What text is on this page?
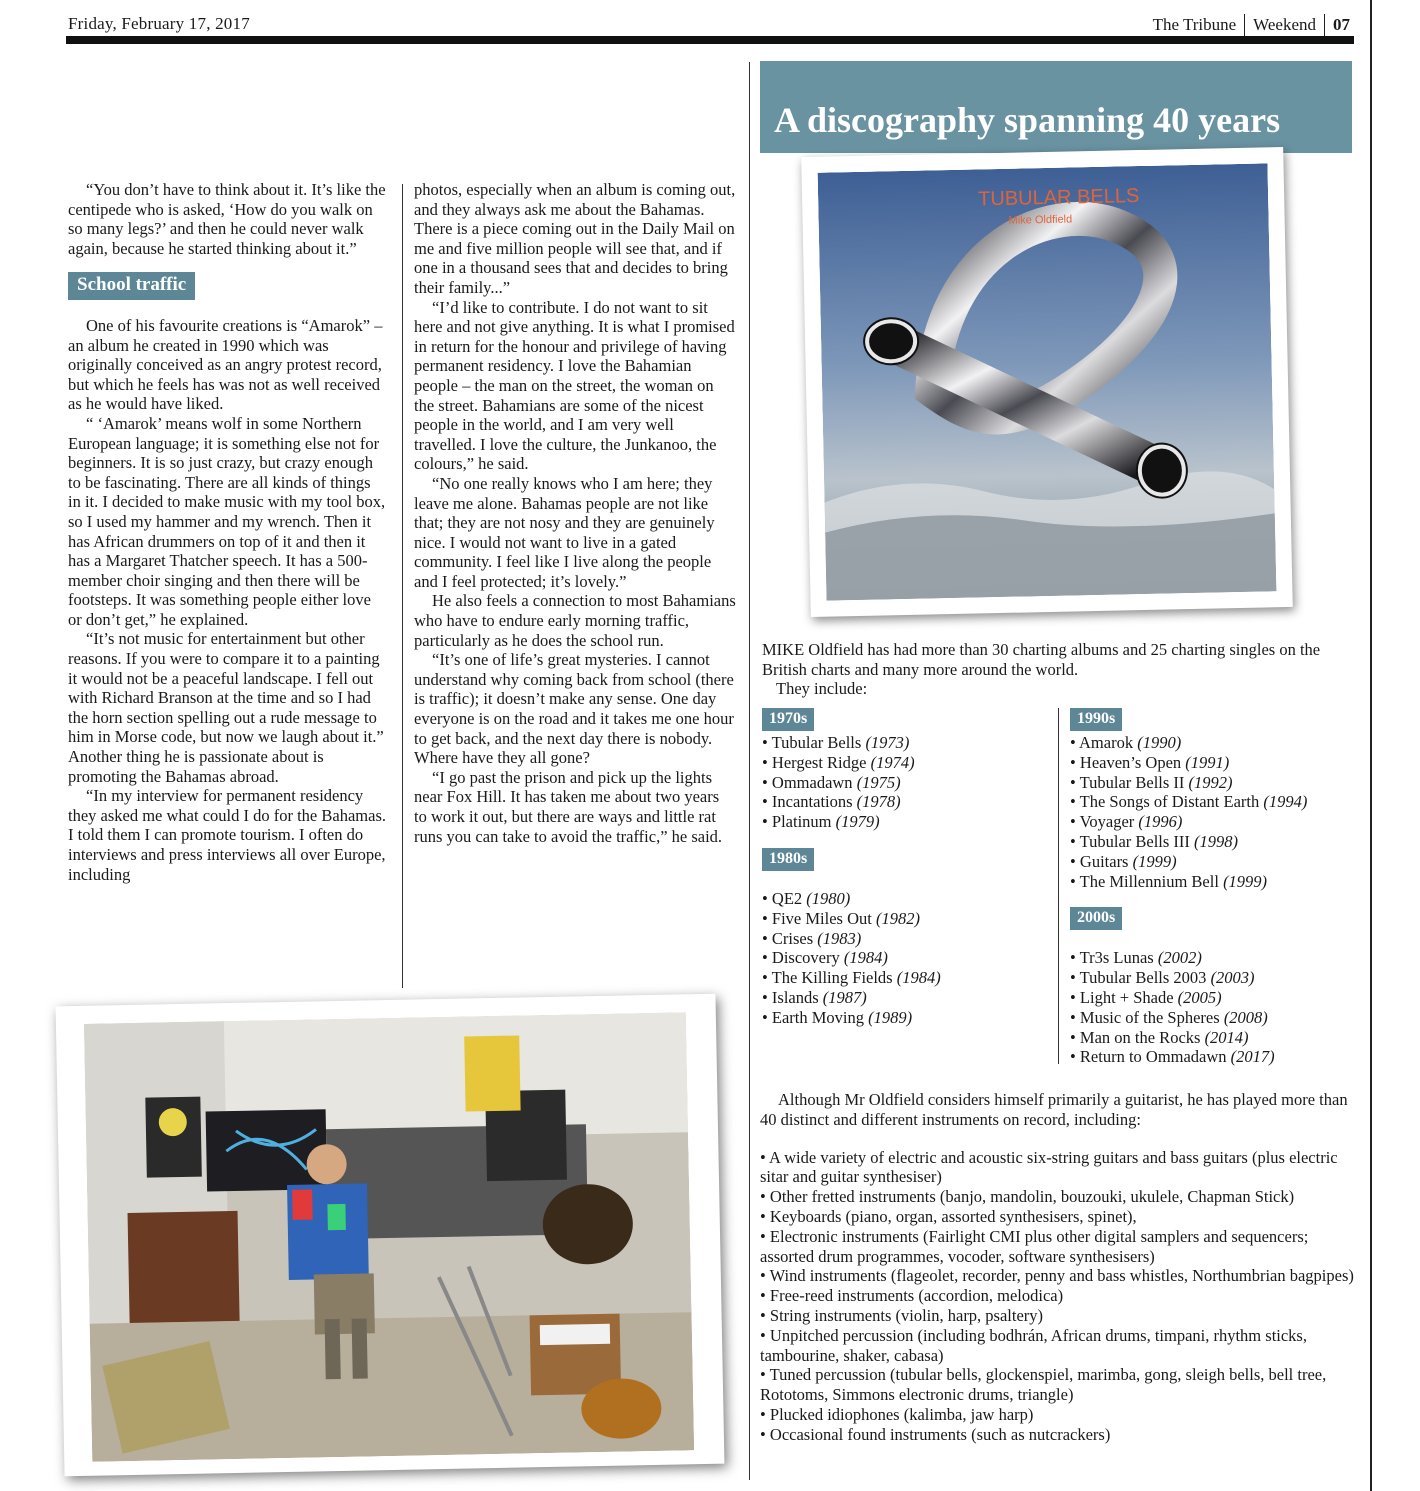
Friday, February 17, 2017	The Tribune Weekend 07

“You don’t have to think about it. It’s like the centipede who is asked, ‘How do you walk on so many legs?’ and then he could never walk again, because he started thinking about it.”

School traffic

One of his favourite creations is “Amarok” – an album he created in 1990 which was originally conceived as an angry protest record, but which he feels has was not as well received as he would have liked.

“ ‘Amarok’ means wolf in some Northern European language; it is something else not for beginners. It is so just crazy, but crazy enough to be fascinating. There are all kinds of things in it. I decided to make music with my tool box, so I used my hammer and my wrench. Then it has African drummers on top of it and then it has a Margaret Thatcher speech. It has a 500-member choir singing and then there will be footsteps. It was something people either love or don’t get,” he explained.

“It’s not music for entertainment but other reasons. If you were to compare it to a painting it would not be a peaceful landscape. I fell out with Richard Branson at the time and so I had the horn section spelling out a rude message to him in Morse code, but now we laugh about it.” Another thing he is passionate about is promoting the Bahamas abroad.

“In my interview for permanent residency they asked me what could I do for the Bahamas. I told them I can promote tourism. I often do interviews and press interviews all over Europe, including

photos, especially when an album is coming out, and they always ask me about the Bahamas. There is a piece coming out in the Daily Mail on me and five million people will see that, and if one in a thousand sees that and decides to bring their family...”

“I’d like to contribute. I do not want to sit here and not give anything. It is what I promised in return for the honour and privilege of having permanent residency. I love the Bahamian people – the man on the street, the woman on the street. Bahamians are some of the nicest people in the world, and I am very well travelled. I love the culture, the Junkanoo, the colours,” he said.

“No one really knows who I am here; they leave me alone. Bahamas people are not like that; they are not nosy and they are genuinely nice. I would not want to live in a gated community. I feel like I live along the people and I feel protected; it’s lovely.”

He also feels a connection to most Bahamians who have to endure early morning traffic, particularly as he does the school run.

“It’s one of life’s great mysteries. I cannot understand why coming back from school (there is traffic); it doesn’t make any sense. One day everyone is on the road and it takes me one hour to get back, and the next day there is nobody. Where have they all gone?

“I go past the prison and pick up the lights near Fox Hill. It has taken me about two years to work it out, but there are ways and little rat runs you can take to avoid the traffic,” he said.

A discography spanning 40 years
TUBULAR BELLS
Mike Oldfield

MIKE Oldfield has had more than 30 charting albums and 25 charting singles on the British charts and many more around the world.

They include:

1970s
• Tubular Bells (1973)
• Hergest Ridge (1974)
• Ommadawn (1975)
• Incantations (1978)
• Platinum (1979)
1980s
• QE2 (1980)
• Five Miles Out (1982)
• Crises (1983)
• Discovery (1984)
• The Killing Fields (1984)
• Islands (1987)
• Earth Moving (1989)
1990s
• Amarok (1990)
• Heaven’s Open (1991)
• Tubular Bells II (1992)
• The Songs of Distant Earth (1994)
• Voyager (1996)
• Tubular Bells III (1998)
• Guitars (1999)
• The Millennium Bell (1999)
2000s
• Tr3s Lunas (2002)
• Tubular Bells 2003 (2003)
• Light + Shade (2005)
• Music of the Spheres (2008)
• Man on the Rocks (2014)
• Return to Ommadawn (2017)

Although Mr Oldfield considers himself primarily a guitarist, he has played more than 40 distinct and different instruments on record, including:

• A wide variety of electric and acoustic six-string guitars and bass guitars (plus electric sitar and guitar synthesiser)
• Other fretted instruments (banjo, mandolin, bouzouki, ukulele, Chapman Stick)
• Keyboards (piano, organ, assorted synthesisers, spinet),
• Electronic instruments (Fairlight CMI plus other digital samplers and sequencers; assorted drum programmes, vocoder, software synthesisers)
• Wind instruments (flageolet, recorder, penny and bass whistles, Northumbrian bagpipes)
• Free-reed instruments (accordion, melodica)
• String instruments (violin, harp, psaltery)
• Unpitched percussion (including bodhrán, African drums, timpani, rhythm sticks, tambourine, shaker, cabasa)
• Tuned percussion (tubular bells, glockenspiel, marimba, gong, sleigh bells, bell tree, Rototoms, Simmons electronic drums, triangle)
• Plucked idiophones (kalimba, jaw harp)
• Occasional found instruments (such as nutcrackers)
